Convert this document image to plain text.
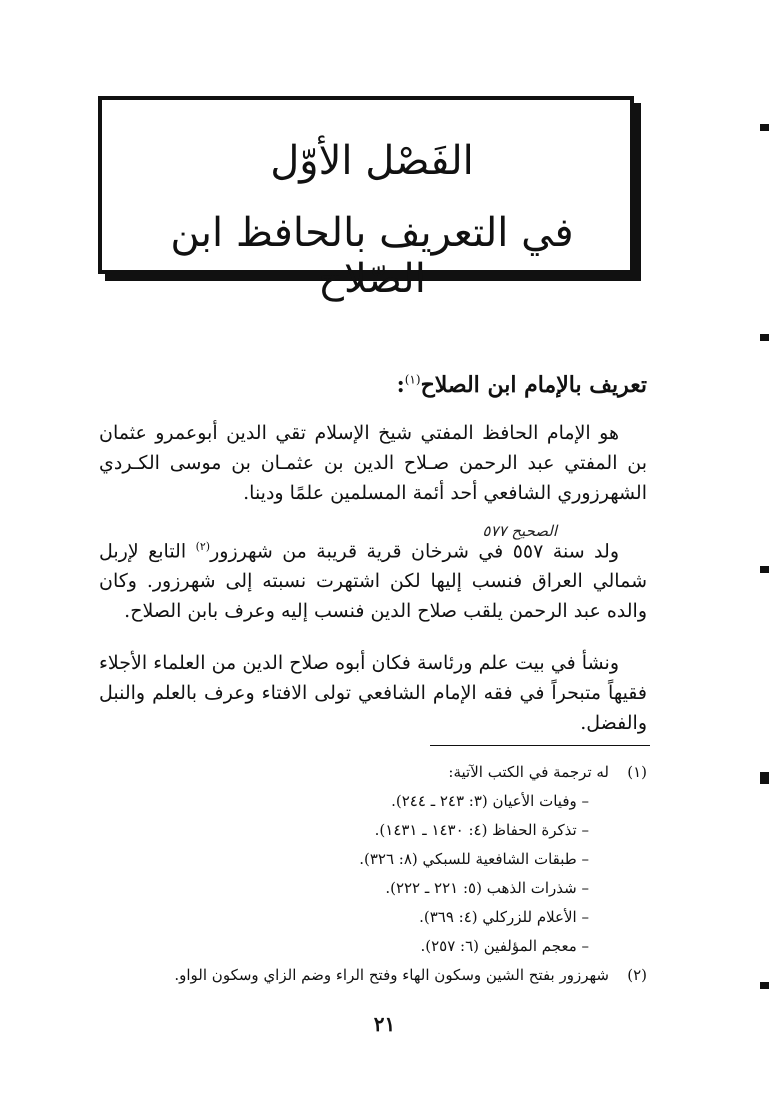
الفَصْل الأوّل
في التعريف بالحافظ ابن الصّلاح
تعريف بالإمام ابن الصلاح$^{(١)}$:

هو الإمام الحافظ المفتي شيخ الإسلام تقي الدين أبوعمرو عثمان بن المفتي عبد الرحمن صـلاح الدين بن عثمـان بن موسى الكـردي الشهرزوري الشافعي أحد أئمة المسلمين علمًا ودينا.

الصحيح ٥٧٧

ولد سنة ٥٥٧ في شرخان قرية قريبة من شهرزور$^{(٢)}$ التابع لإربل شمالي العراق فنسب إليها لكن اشتهرت نسبته إلى شهرزور. وكان والده عبد الرحمن يلقب صلاح الدين فنسب إليه وعرف بابن الصلاح.

ونشأ في بيت علم ورئاسة فكان أبوه صلاح الدين من العلماء الأجلاء فقيهاً متبحراً في فقه الإمام الشافعي تولى الافتاء وعرف بالعلم والنبل والفضل.

(١)له ترجمة في الكتب الآتية:
– وفيات الأعيان (٣: ٢٤٣ ـ ٢٤٤).
– تذكرة الحفاظ (٤: ١٤٣٠ ـ ١٤٣١).
– طبقات الشافعية للسبكي (٨: ٣٢٦).
– شذرات الذهب (٥: ٢٢١ ـ ٢٢٢).
– الأعلام للزركلي (٤: ٣٦٩).
– معجم المؤلفين (٦: ٢٥٧).
(٢)شهرزور بفتح الشين وسكون الهاء وفتح الراء وضم الزاي وسكون الواو.
٢١
